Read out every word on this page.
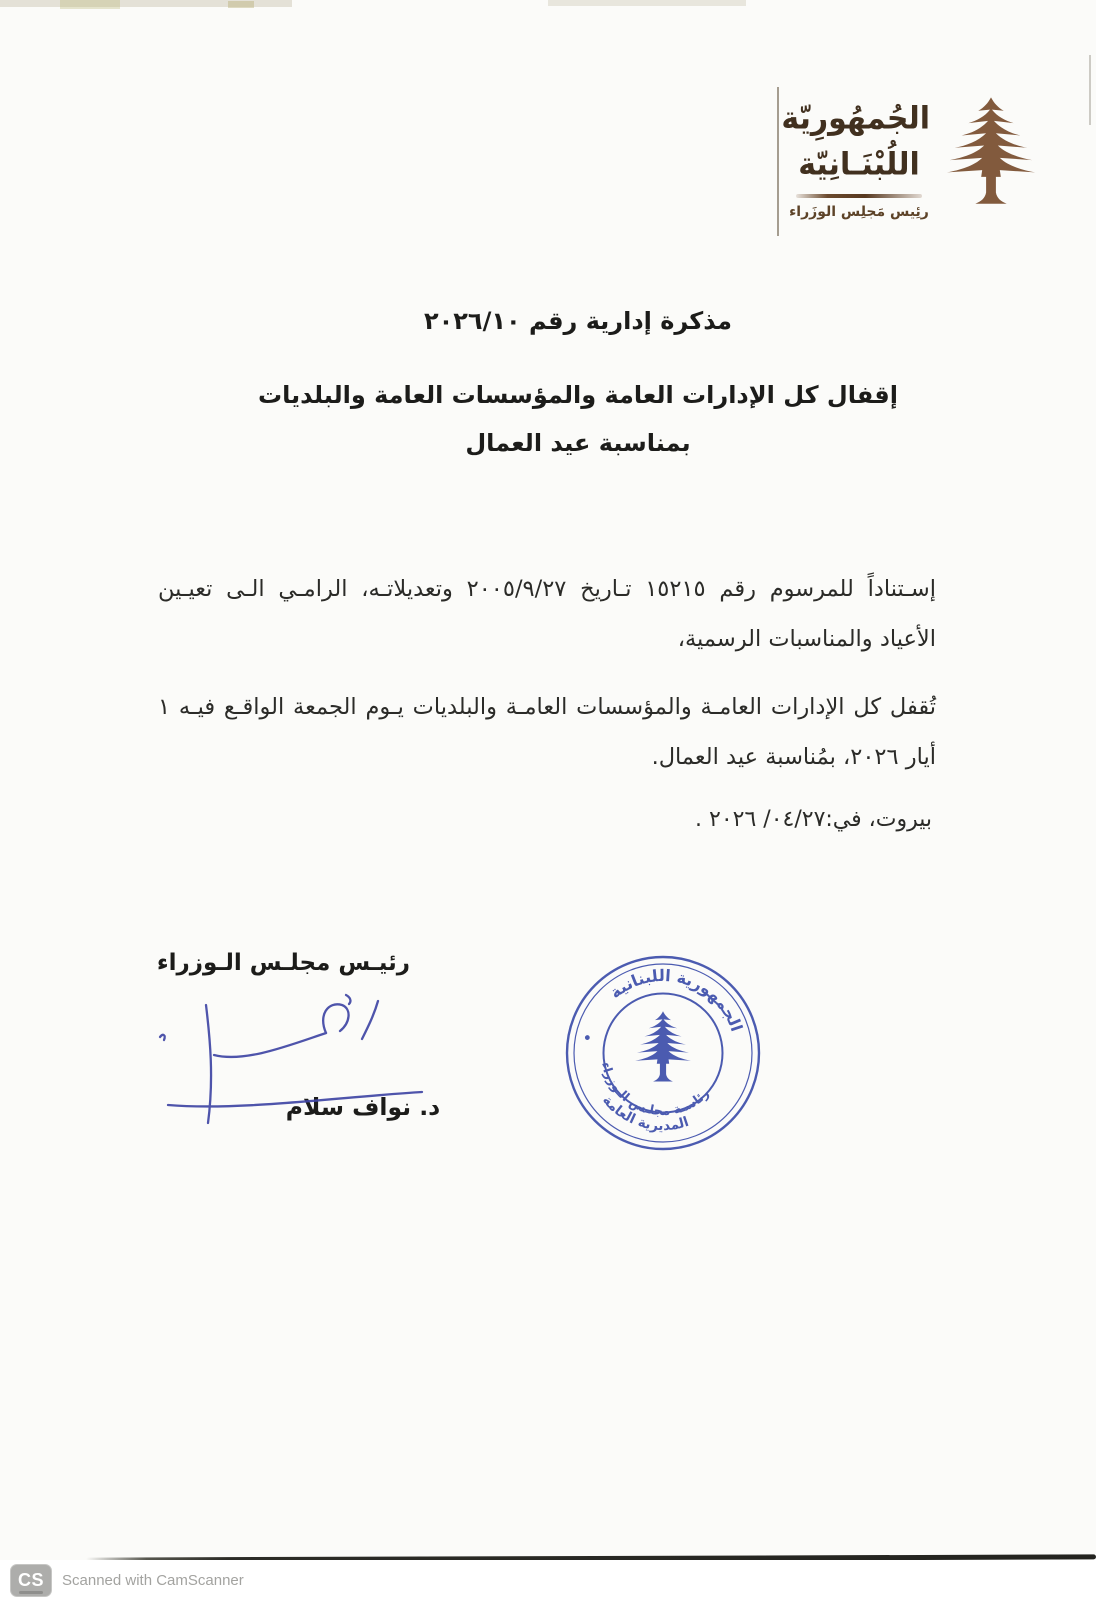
الجُمهُورِيّة
اللُبْنَـانِيّة
رئِيس مَجلِس الوزَراء
مذكرة إدارية رقم ٢٠٢٦/١٠
إقفال كل الإدارات العامة والمؤسسات العامة والبلديات
بمناسبة عيد العمال
إسـتناداً للمرسوم رقم ١٥٢١٥ تـاريخ ٢٠٠٥/٩/٢٧ وتعديلاتـه، الرامـي الـى تعيـين
الأعياد والمناسبات الرسمية،
تُقفل كل الإدارات العامـة والمؤسسات العامـة والبلديات يـوم الجمعة الواقـع فيـه ١
أيار ٢٠٢٦، بمُناسبة عيد العمال.
بيروت، في:. ٢٠٢٦ /٠٤/٢٧
رئيـس مجلـس الـوزراء
د. نواف سلام
الجمهورية اللبنانية
رئاسـة مجلـس الـوزراء
المديرية العامة
CS Scanned with CamScanner
